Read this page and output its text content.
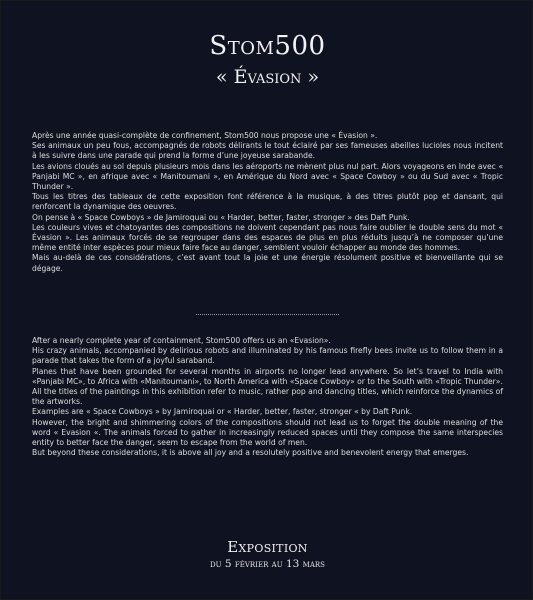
Stom500
« Évasion »

Après une année quasi-complète de confinement, Stom500 nous propose une « Évasion ».

Ses animaux un peu fous, accompagnés de robots délirants le tout éclairé par ses fameuses abeilles lucioles nous incitent à les suivre dans une parade qui prend la forme d’une joyeuse sarabande.

Les avions cloués au sol depuis plusieurs mois dans les aéroports ne mènent plus nul part. Alors voyageons en Inde avec « Panjabi MC », en afrique avec « Manitoumani », en Amérique du Nord avec « Space Cowboy » ou du Sud avec « Tropic Thunder ».

Tous les titres des tableaux de cette exposition font référence à la musique, à des titres plutôt pop et dansant, qui renforcent la dynamique des oeuvres.

On pense à « Space Cowboys » de Jamiroquai ou « Harder, better, faster, stronger » des Daft Punk.

Les couleurs vives et chatoyantes des compositions ne doivent cependant pas nous faire oublier le double sens du mot « Évasion ». Les animaux forcés de se regrouper dans des espaces de plus en plus réduits jusqu’à ne composer qu’une même entité inter espèces pour mieux faire face au danger, semblent vouloir échapper au monde des hommes.

Mais au-delà de ces considérations, c’est avant tout la joie et une énergie résolument positive et bienveillante qui se dégage.

After a nearly complete year of containment, Stom500 offers us an «Evasion».

His crazy animals, accompanied by delirious robots and illuminated by his famous firefly bees invite us to follow them in a parade that takes the form of a joyful saraband.

Planes that have been grounded for several months in airports no longer lead anywhere. So let’s travel to India with «Panjabi MC», to Africa with «Manitoumani», to North America with «Space Cowboy» or to the South with «Tropic Thunder».

All the titles of the paintings in this exhibition refer to music, rather pop and dancing titles, which reinforce the dynamics of the artworks.

Examples are « Space Cowboys » by Jamiroquai or « Harder, better, faster, stronger « by Daft Punk.

However, the bright and shimmering colors of the compositions should not lead us to forget the double meaning of the word « Evasion «. The animals forced to gather in increasingly reduced spaces until they compose the same interspecies entity to better face the danger, seem to escape from the world of men.

But beyond these considerations, it is above all joy and a resolutely positive and benevolent energy that emerges.

Exposition
du 5 février au 13 mars
